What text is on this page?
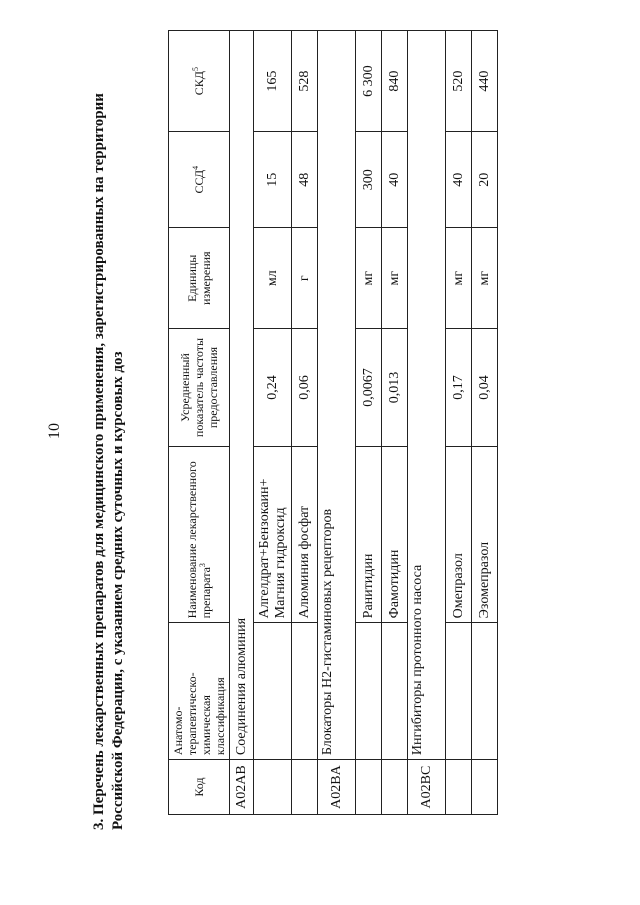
10 3. Перечень лекарственных препаратов для медицинского применения, зарегистрированных на территории Российской Федерации, с указанием средних суточных и курсовых доз	Код	Анатомо-терапевтическо-химическая классификация	Наименование лекарственного препарата$^3$	Усредненный показатель частоты предоставления	Единицы измерения	ССД$^4$	СКД$^5$
A02AB	Соединения алюминия					
		Алгелдрат+Бензокаин+ Магния гидроксид	0,24	мл	15	165
		Алюминия фосфат	0,06	г	48	528
A02BA	Блокаторы Н2-гистаминовых рецепторов					
		Ранитидин	0,0067	мг	300	6 300
		Фамотидин	0,013	мг	40	840
A02BC	Ингибиторы протонного насоса					
		Омепразол	0,17	мг	40	520
		Эзомепразол	0,04	мг	20	440
